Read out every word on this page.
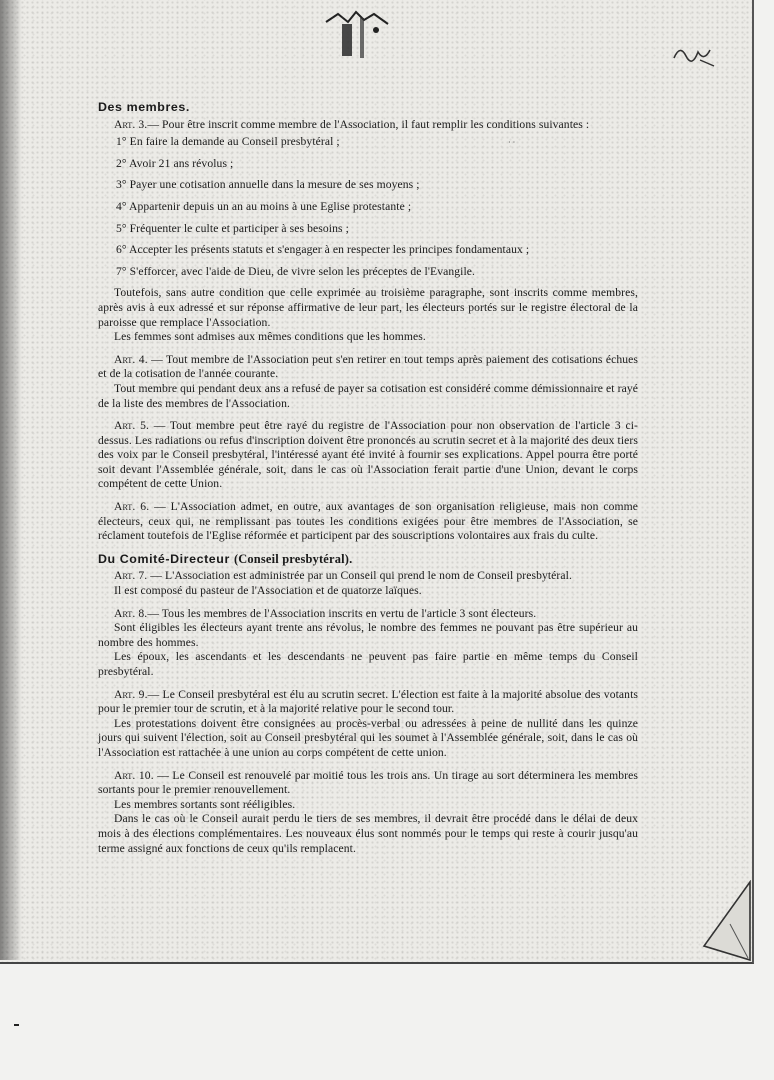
· ·
Des membres.

Art. 3.— Pour être inscrit comme membre de l'Association, il faut remplir les conditions suivantes :

1° En faire la demande au Conseil presbytéral ;
2° Avoir 21 ans révolus ;
3° Payer une cotisation annuelle dans la mesure de ses moyens ;
4° Appartenir depuis un an au moins à une Eglise protestante ;
5° Fréquenter le culte et participer à ses besoins ;
6° Accepter les présents statuts et s'engager à en respecter les principes fondamentaux ;
7° S'efforcer, avec l'aide de Dieu, de vivre selon les préceptes de l'Evangile.

Toutefois, sans autre condition que celle exprimée au troisième paragraphe, sont inscrits comme membres, après avis à eux adressé et sur réponse affirmative de leur part, les électeurs portés sur le registre électoral de la paroisse que remplace l'Association.

Les femmes sont admises aux mêmes conditions que les hommes.

Art. 4. — Tout membre de l'Association peut s'en retirer en tout temps après paiement des cotisations échues et de la cotisation de l'année courante.

Tout membre qui pendant deux ans a refusé de payer sa cotisation est considéré comme démissionnaire et rayé de la liste des membres de l'Association.

Art. 5. — Tout membre peut être rayé du registre de l'Association pour non observation de l'article 3 ci-dessus. Les radiations ou refus d'inscription doivent être prononcés au scrutin secret et à la majorité des deux tiers des voix par le Conseil presbytéral, l'intéressé ayant été invité à fournir ses explications. Appel pourra être porté soit devant l'Assemblée générale, soit, dans le cas où l'Association ferait partie d'une Union, devant le corps compétent de cette Union.

Art. 6. — L'Association admet, en outre, aux avantages de son organisation religieuse, mais non comme électeurs, ceux qui, ne remplissant pas toutes les conditions exigées pour être membres de l'Association, se réclament toutefois de l'Eglise réformée et participent par des souscriptions volontaires aux frais du culte.

Du Comité-Directeur (Conseil presbytéral).

Art. 7. — L'Association est administrée par un Conseil qui prend le nom de Conseil presbytéral.

Il est composé du pasteur de l'Association et de quatorze laïques.

Art. 8.— Tous les membres de l'Association inscrits en vertu de l'article 3 sont électeurs.

Sont éligibles les électeurs ayant trente ans révolus, le nombre des femmes ne pouvant pas être supérieur au nombre des hommes.

Les époux, les ascendants et les descendants ne peuvent pas faire partie en même temps du Conseil presbytéral.

Art. 9.— Le Conseil presbytéral est élu au scrutin secret. L'élection est faite à la majorité absolue des votants pour le premier tour de scrutin, et à la majorité relative pour le second tour.

Les protestations doivent être consignées au procès-verbal ou adressées à peine de nullité dans les quinze jours qui suivent l'élection, soit au Conseil presbytéral qui les soumet à l'Assemblée générale, soit, dans le cas où l'Association est rattachée à une union au corps compétent de cette union.

Art. 10. — Le Conseil est renouvelé par moitié tous les trois ans. Un tirage au sort déterminera les membres sortants pour le premier renouvellement.

Les membres sortants sont rééligibles.

Dans le cas où le Conseil aurait perdu le tiers de ses membres, il devrait être procédé dans le délai de deux mois à des élections complémentaires. Les nouveaux élus sont nommés pour le temps qui reste à courir jusqu'au terme assigné aux fonctions de ceux qu'ils remplacent.
